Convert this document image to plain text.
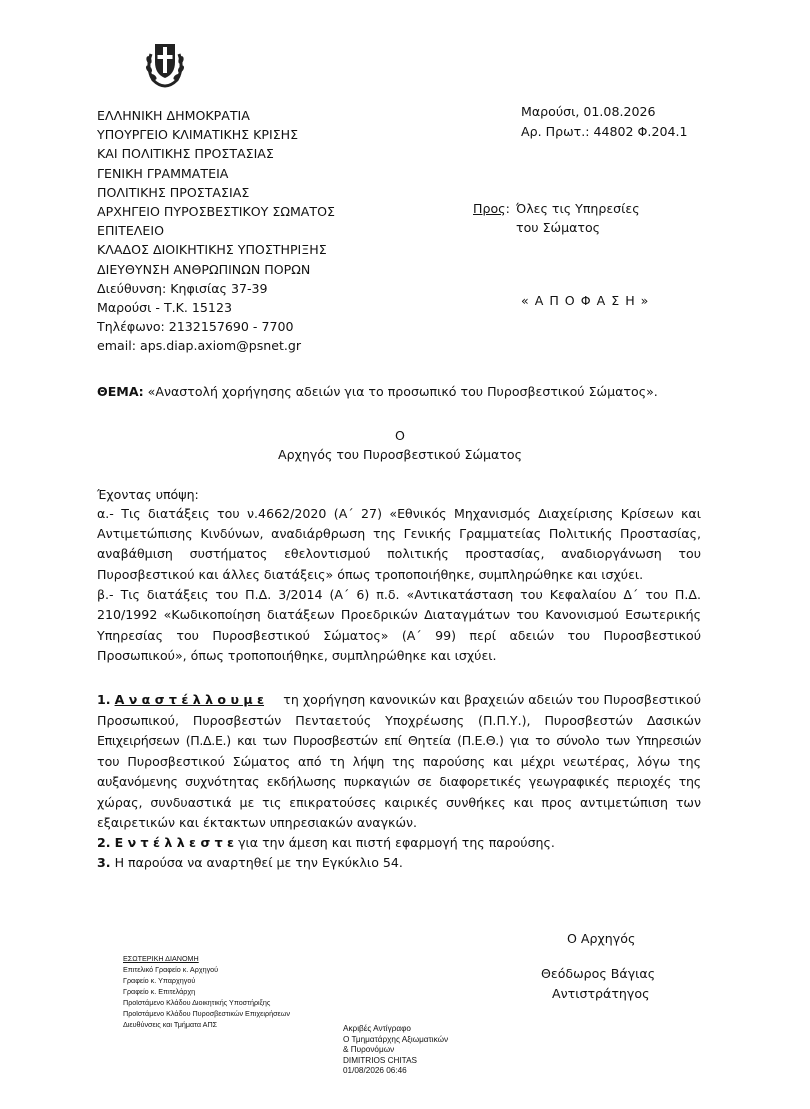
ΕΛΛΗΝΙΚΗ ΔΗΜΟΚΡΑΤΙΑ
ΥΠΟΥΡΓΕΙΟ ΚΛΙΜΑΤΙΚΗΣ ΚΡΙΣΗΣ
ΚΑΙ ΠΟΛΙΤΙΚΗΣ ΠΡΟΣΤΑΣΙΑΣ
ΓΕΝΙΚΗ ΓΡΑΜΜΑΤΕΙΑ
ΠΟΛΙΤΙΚΗΣ ΠΡΟΣΤΑΣΙΑΣ
ΑΡΧΗΓΕΙΟ ΠΥΡΟΣΒΕΣΤΙΚΟΥ ΣΩΜΑΤΟΣ
ΕΠΙΤΕΛΕΙΟ
ΚΛΑΔΟΣ ΔΙΟΙΚΗΤΙΚΗΣ ΥΠΟΣΤΗΡΙΞΗΣ
ΔΙΕΥΘΥΝΣΗ ΑΝΘΡΩΠΙΝΩΝ ΠΟΡΩΝ
Διεύθυνση: Κηφισίας 37-39
Μαρούσι - Τ.Κ. 15123
Τηλέφωνο: 2132157690 - 7700
email: aps.diap.axiom@psnet.gr
Μαρούσι, 01.08.2026
Αρ. Πρωτ.: 44802 Φ.204.1
Προς: Όλες τις Υπηρεσίες
του Σώματος
« Α Π Ο Φ Α Σ Η »
ΘΕΜΑ: «Αναστολή χορήγησης αδειών για το προσωπικό του Πυροσβεστικού Σώματος».
Ο
Αρχηγός του Πυροσβεστικού Σώματος
Έχοντας υπόψη:
α.- Τις διατάξεις του ν.4662/2020 (Α΄ 27) «Εθνικός Μηχανισμός Διαχείρισης Κρίσεων και
Αντιμετώπισης Κινδύνων, αναδιάρθρωση της Γενικής Γραμματείας Πολιτικής Προστασίας,
αναβάθμιση συστήματος εθελοντισμού πολιτικής προστασίας, αναδιοργάνωση του
Πυροσβεστικού και άλλες διατάξεις» όπως τροποποιήθηκε, συμπληρώθηκε και ισχύει.
β.- Τις διατάξεις του Π.Δ. 3/2014 (Α΄ 6) π.δ. «Αντικατάσταση του Κεφαλαίου Δ΄ του Π.Δ.
210/1992 «Κωδικοποίηση διατάξεων Προεδρικών Διαταγμάτων του Κανονισμού Εσωτερικής
Υπηρεσίας του Πυροσβεστικού Σώματος» (Α΄ 99) περί αδειών του Πυροσβεστικού
Προσωπικού», όπως τροποποιήθηκε, συμπληρώθηκε και ισχύει.
1. Α ν α σ τ έ λ λ ο υ μ ε τη χορήγηση κανονικών και βραχειών αδειών του Πυροσβεστικού
Προσωπικού, Πυροσβεστών Πενταετούς Υποχρέωσης (Π.Π.Υ.), Πυροσβεστών Δασικών
Επιχειρήσεων (Π.Δ.Ε.) και των Πυροσβεστών επί Θητεία (Π.Ε.Θ.) για το σύνολο των Υπηρεσιών
του Πυροσβεστικού Σώματος από τη λήψη της παρούσης και μέχρι νεωτέρας, λόγω της
αυξανόμενης συχνότητας εκδήλωσης πυρκαγιών σε διαφορετικές γεωγραφικές περιοχές της
χώρας, συνδυαστικά με τις επικρατούσες καιρικές συνθήκες και προς αντιμετώπιση των
εξαιρετικών και έκτακτων υπηρεσιακών αναγκών.
2. Ε ν τ έ λ λ ε σ τ ε για την άμεση και πιστή εφαρμογή της παρούσης.
3. Η παρούσα να αναρτηθεί με την Εγκύκλιο 54.
Ο Αρχηγός
Θεόδωρος Βάγιας
Αντιστράτηγος
ΕΣΩΤΕΡΙΚΗ ΔΙΑΝΟΜΗ
Επιτελικό Γραφείο κ. Αρχηγού
Γραφείο κ. Υπαρχηγού
Γραφείο κ. Επιτελάρχη
Προϊστάμενο Κλάδου Διοικητικής Υποστήριξης
Προϊστάμενο Κλάδου Πυροσβεστικών Επιχειρήσεων
Διευθύνσεις και Τμήματα ΑΠΣ	Ακριβές Αντίγραφο
Ο Τμηματάρχης Αξιωματικών
& Πυρονόμων
DIMITRIOS CHITAS
01/08/2026 06:46
